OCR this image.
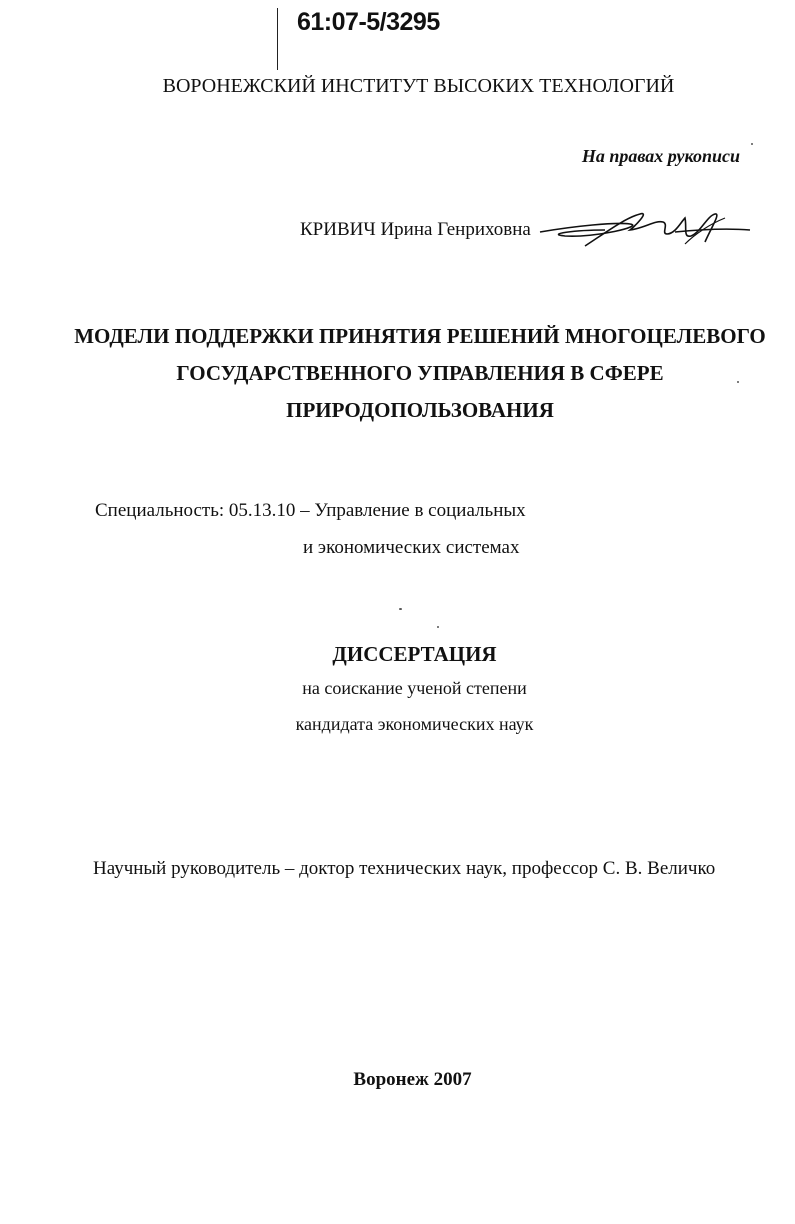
61:07-5/3295
ВОРОНЕЖСКИЙ ИНСТИТУТ ВЫСОКИХ ТЕХНОЛОГИЙ
На правах рукописи
КРИВИЧ Ирина Генриховна
МОДЕЛИ ПОДДЕРЖКИ ПРИНЯТИЯ РЕШЕНИЙ МНОГОЦЕЛЕВОГО
ГОСУДАРСТВЕННОГО УПРАВЛЕНИЯ В СФЕРЕ
ПРИРОДОПОЛЬЗОВАНИЯ
Специальность: 05.13.10 – Управление в социальных
и экономических системах
ДИССЕРТАЦИЯ
на соискание ученой степени
кандидата экономических наук
Научный руководитель – доктор технических наук, профессор С. В. Величко
Воронеж 2007
